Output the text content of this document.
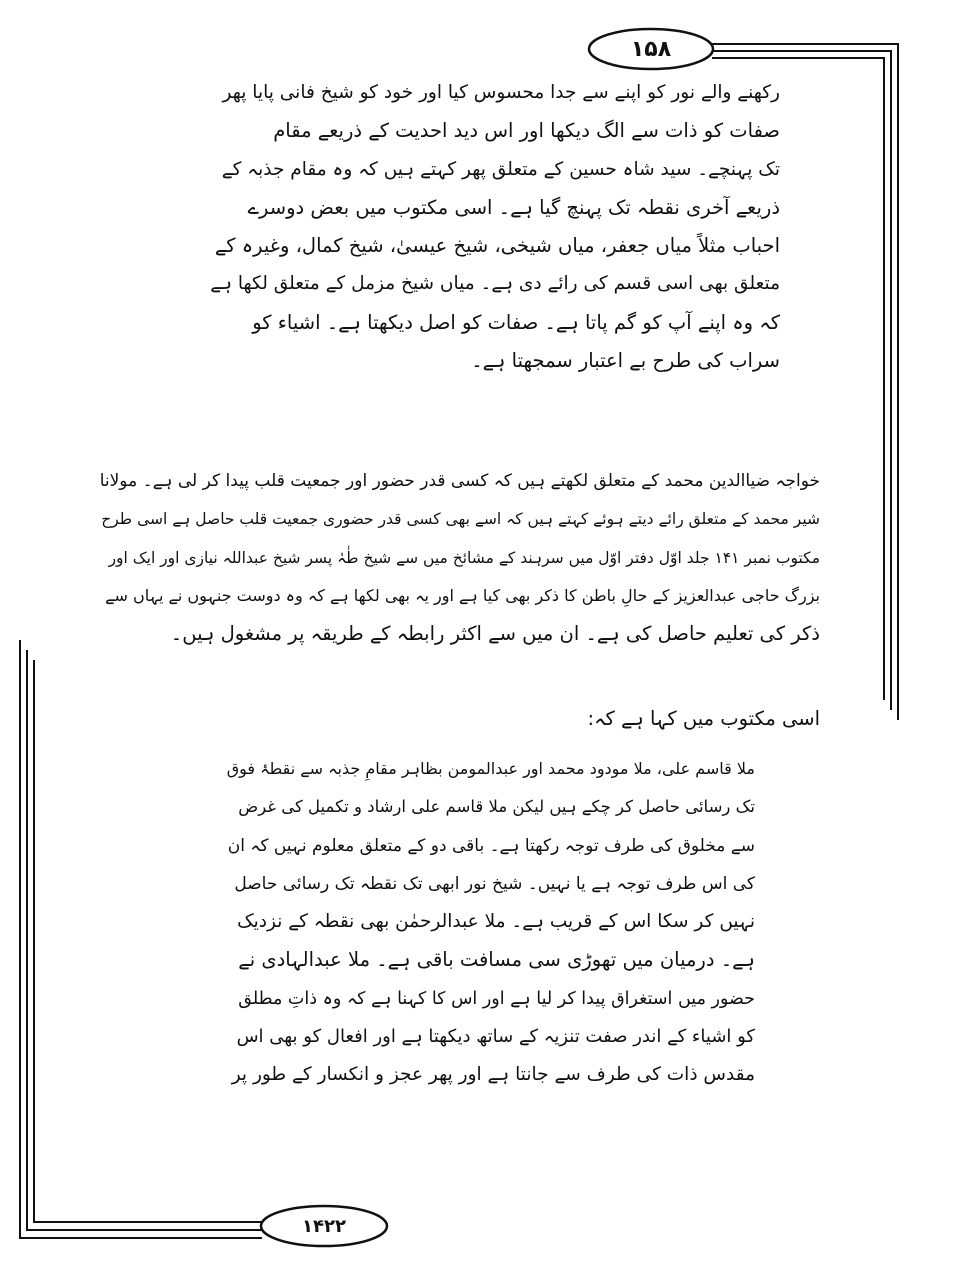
۱۵۸
۱۴۲۲
رکھنے والے نور کو اپنے سے جدا محسوس کیا اور خود کو شیخ فانی پایا پھر
صفات کو ذات سے الگ دیکھا اور اس دید احدیت کے ذریعے مقام
تک پہنچے۔ سید شاہ حسین کے متعلق پھر کہتے ہیں کہ وہ مقام جذبہ کے
ذریعے آخری نقطہ تک پہنچ گیا ہے۔ اسی مکتوب میں بعض دوسرے
احباب مثلاً میاں جعفر، میاں شیخی، شیخ عیسیٰ، شیخ کمال، وغیرہ کے
متعلق بھی اسی قسم کی رائے دی ہے۔ میاں شیخ مزمل کے متعلق لکھا ہے
کہ وہ اپنے آپ کو گم پاتا ہے۔ صفات کو اصل دیکھتا ہے۔ اشیاء کو
سراب کی طرح بے اعتبار سمجھتا ہے۔
خواجہ ضیاالدین محمد کے متعلق لکھتے ہیں کہ کسی قدر حضور اور جمعیت قلب پیدا کر لی ہے۔ مولانا
شیر محمد کے متعلق رائے دیتے ہوئے کہتے ہیں کہ اسے بھی کسی قدر حضوری جمعیت قلب حاصل ہے اسی طرح
مکتوب نمبر ۱۴۱ جلد اوّل دفتر اوّل میں سرہند کے مشائخ میں سے شیخ طٰہٰ پسر شیخ عبداللہ نیازی اور ایک اور
بزرگ حاجی عبدالعزیز کے حالِ باطن کا ذکر بھی کیا ہے اور یہ بھی لکھا ہے کہ وہ دوست جنہوں نے یہاں سے
ذکر کی تعلیم حاصل کی ہے۔ ان میں سے اکثر رابطہ کے طریقہ پر مشغول ہیں۔
اسی مکتوب میں کہا ہے کہ:
ملا قاسم علی، ملا مودود محمد اور عبدالمومن بظاہر مقامِ جذبہ سے نقطۂ فوق
تک رسائی حاصل کر چکے ہیں لیکن ملا قاسم علی ارشاد و تکمیل کی غرض
سے مخلوق کی طرف توجہ رکھتا ہے۔ باقی دو کے متعلق معلوم نہیں کہ ان
کی اس طرف توجہ ہے یا نہیں۔ شیخ نور ابھی تک نقطہ تک رسائی حاصل
نہیں کر سکا اس کے قریب ہے۔ ملا عبدالرحمٰن بھی نقطہ کے نزدیک
ہے۔ درمیان میں تھوڑی سی مسافت باقی ہے۔ ملا عبدالہادی نے
حضور میں استغراق پیدا کر لیا ہے اور اس کا کہنا ہے کہ وہ ذاتِ مطلق
کو اشیاء کے اندر صفت تنزیہ کے ساتھ دیکھتا ہے اور افعال کو بھی اس
مقدس ذات کی طرف سے جانتا ہے اور پھر عجز و انکسار کے طور پر
